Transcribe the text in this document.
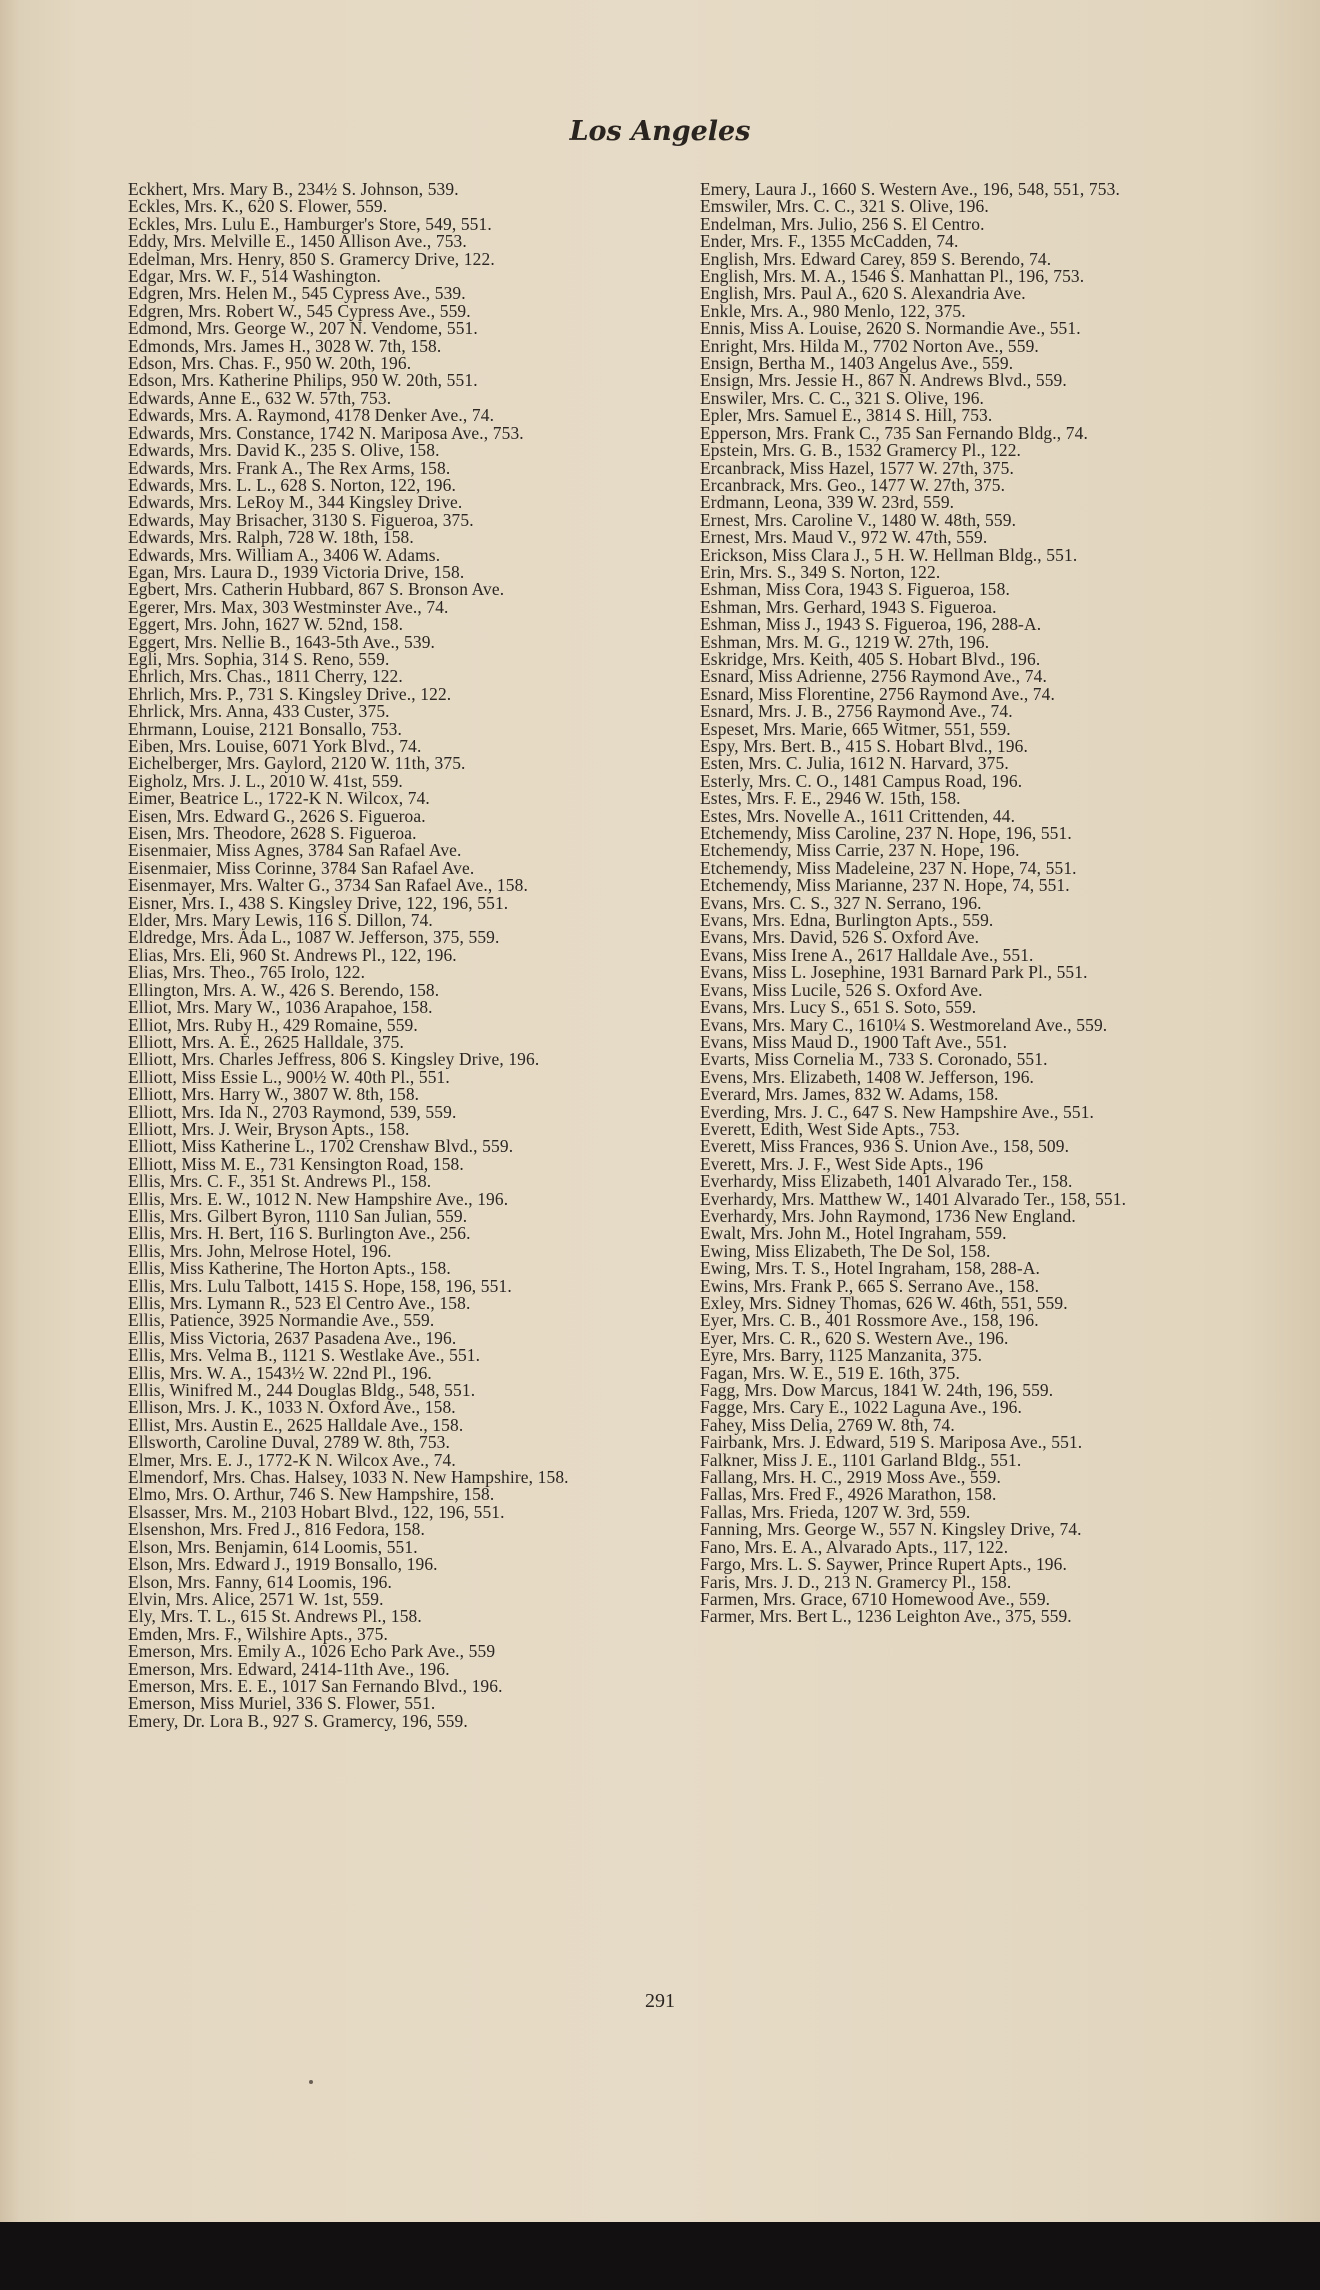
Los Angeles
Eckhert, Mrs. Mary B., 234½ S. Johnson, 539.
Eckles, Mrs. K., 620 S. Flower, 559.
Eckles, Mrs. Lulu E., Hamburger's Store, 549, 551.
Eddy, Mrs. Melville E., 1450 Allison Ave., 753.
Edelman, Mrs. Henry, 850 S. Gramercy Drive, 122.
Edgar, Mrs. W. F., 514 Washington.
Edgren, Mrs. Helen M., 545 Cypress Ave., 539.
Edgren, Mrs. Robert W., 545 Cypress Ave., 559.
Edmond, Mrs. George W., 207 N. Vendome, 551.
Edmonds, Mrs. James H., 3028 W. 7th, 158.
Edson, Mrs. Chas. F., 950 W. 20th, 196.
Edson, Mrs. Katherine Philips, 950 W. 20th, 551.
Edwards, Anne E., 632 W. 57th, 753.
Edwards, Mrs. A. Raymond, 4178 Denker Ave., 74.
Edwards, Mrs. Constance, 1742 N. Mariposa Ave., 753.
Edwards, Mrs. David K., 235 S. Olive, 158.
Edwards, Mrs. Frank A., The Rex Arms, 158.
Edwards, Mrs. L. L., 628 S. Norton, 122, 196.
Edwards, Mrs. LeRoy M., 344 Kingsley Drive.
Edwards, May Brisacher, 3130 S. Figueroa, 375.
Edwards, Mrs. Ralph, 728 W. 18th, 158.
Edwards, Mrs. William A., 3406 W. Adams.
Egan, Mrs. Laura D., 1939 Victoria Drive, 158.
Egbert, Mrs. Catherin Hubbard, 867 S. Bronson Ave.
Egerer, Mrs. Max, 303 Westminster Ave., 74.
Eggert, Mrs. John, 1627 W. 52nd, 158.
Eggert, Mrs. Nellie B., 1643-5th Ave., 539.
Egli, Mrs. Sophia, 314 S. Reno, 559.
Ehrlich, Mrs. Chas., 1811 Cherry, 122.
Ehrlich, Mrs. P., 731 S. Kingsley Drive., 122.
Ehrlick, Mrs. Anna, 433 Custer, 375.
Ehrmann, Louise, 2121 Bonsallo, 753.
Eiben, Mrs. Louise, 6071 York Blvd., 74.
Eichelberger, Mrs. Gaylord, 2120 W. 11th, 375.
Eigholz, Mrs. J. L., 2010 W. 41st, 559.
Eimer, Beatrice L., 1722-K N. Wilcox, 74.
Eisen, Mrs. Edward G., 2626 S. Figueroa.
Eisen, Mrs. Theodore, 2628 S. Figueroa.
Eisenmaier, Miss Agnes, 3784 San Rafael Ave.
Eisenmaier, Miss Corinne, 3784 San Rafael Ave.
Eisenmayer, Mrs. Walter G., 3734 San Rafael Ave., 158.
Eisner, Mrs. I., 438 S. Kingsley Drive, 122, 196, 551.
Elder, Mrs. Mary Lewis, 116 S. Dillon, 74.
Eldredge, Mrs. Ada L., 1087 W. Jefferson, 375, 559.
Elias, Mrs. Eli, 960 St. Andrews Pl., 122, 196.
Elias, Mrs. Theo., 765 Irolo, 122.
Ellington, Mrs. A. W., 426 S. Berendo, 158.
Elliot, Mrs. Mary W., 1036 Arapahoe, 158.
Elliot, Mrs. Ruby H., 429 Romaine, 559.
Elliott, Mrs. A. E., 2625 Halldale, 375.
Elliott, Mrs. Charles Jeffress, 806 S. Kingsley Drive, 196.
Elliott, Miss Essie L., 900½ W. 40th Pl., 551.
Elliott, Mrs. Harry W., 3807 W. 8th, 158.
Elliott, Mrs. Ida N., 2703 Raymond, 539, 559.
Elliott, Mrs. J. Weir, Bryson Apts., 158.
Elliott, Miss Katherine L., 1702 Crenshaw Blvd., 559.
Elliott, Miss M. E., 731 Kensington Road, 158.
Ellis, Mrs. C. F., 351 St. Andrews Pl., 158.
Ellis, Mrs. E. W., 1012 N. New Hampshire Ave., 196.
Ellis, Mrs. Gilbert Byron, 1110 San Julian, 559.
Ellis, Mrs. H. Bert, 116 S. Burlington Ave., 256.
Ellis, Mrs. John, Melrose Hotel, 196.
Ellis, Miss Katherine, The Horton Apts., 158.
Ellis, Mrs. Lulu Talbott, 1415 S. Hope, 158, 196, 551.
Ellis, Mrs. Lymann R., 523 El Centro Ave., 158.
Ellis, Patience, 3925 Normandie Ave., 559.
Ellis, Miss Victoria, 2637 Pasadena Ave., 196.
Ellis, Mrs. Velma B., 1121 S. Westlake Ave., 551.
Ellis, Mrs. W. A., 1543½ W. 22nd Pl., 196.
Ellis, Winifred M., 244 Douglas Bldg., 548, 551.
Ellison, Mrs. J. K., 1033 N. Oxford Ave., 158.
Ellist, Mrs. Austin E., 2625 Halldale Ave., 158.
Ellsworth, Caroline Duval, 2789 W. 8th, 753.
Elmer, Mrs. E. J., 1772-K N. Wilcox Ave., 74.
Elmendorf, Mrs. Chas. Halsey, 1033 N. New Hampshire, 158.
Elmo, Mrs. O. Arthur, 746 S. New Hampshire, 158.
Elsasser, Mrs. M., 2103 Hobart Blvd., 122, 196, 551.
Elsenshon, Mrs. Fred J., 816 Fedora, 158.
Elson, Mrs. Benjamin, 614 Loomis, 551.
Elson, Mrs. Edward J., 1919 Bonsallo, 196.
Elson, Mrs. Fanny, 614 Loomis, 196.
Elvin, Mrs. Alice, 2571 W. 1st, 559.
Ely, Mrs. T. L., 615 St. Andrews Pl., 158.
Emden, Mrs. F., Wilshire Apts., 375.
Emerson, Mrs. Emily A., 1026 Echo Park Ave., 559
Emerson, Mrs. Edward, 2414-11th Ave., 196.
Emerson, Mrs. E. E., 1017 San Fernando Blvd., 196.
Emerson, Miss Muriel, 336 S. Flower, 551.
Emery, Dr. Lora B., 927 S. Gramercy, 196, 559.
Emery, Laura J., 1660 S. Western Ave., 196, 548, 551, 753.
Emswiler, Mrs. C. C., 321 S. Olive, 196.
Endelman, Mrs. Julio, 256 S. El Centro.
Ender, Mrs. F., 1355 McCadden, 74.
English, Mrs. Edward Carey, 859 S. Berendo, 74.
English, Mrs. M. A., 1546 S. Manhattan Pl., 196, 753.
English, Mrs. Paul A., 620 S. Alexandria Ave.
Enkle, Mrs. A., 980 Menlo, 122, 375.
Ennis, Miss A. Louise, 2620 S. Normandie Ave., 551.
Enright, Mrs. Hilda M., 7702 Norton Ave., 559.
Ensign, Bertha M., 1403 Angelus Ave., 559.
Ensign, Mrs. Jessie H., 867 N. Andrews Blvd., 559.
Enswiler, Mrs. C. C., 321 S. Olive, 196.
Epler, Mrs. Samuel E., 3814 S. Hill, 753.
Epperson, Mrs. Frank C., 735 San Fernando Bldg., 74.
Epstein, Mrs. G. B., 1532 Gramercy Pl., 122.
Ercanbrack, Miss Hazel, 1577 W. 27th, 375.
Ercanbrack, Mrs. Geo., 1477 W. 27th, 375.
Erdmann, Leona, 339 W. 23rd, 559.
Ernest, Mrs. Caroline V., 1480 W. 48th, 559.
Ernest, Mrs. Maud V., 972 W. 47th, 559.
Erickson, Miss Clara J., 5 H. W. Hellman Bldg., 551.
Erin, Mrs. S., 349 S. Norton, 122.
Eshman, Miss Cora, 1943 S. Figueroa, 158.
Eshman, Mrs. Gerhard, 1943 S. Figueroa.
Eshman, Miss J., 1943 S. Figueroa, 196, 288-A.
Eshman, Mrs. M. G., 1219 W. 27th, 196.
Eskridge, Mrs. Keith, 405 S. Hobart Blvd., 196.
Esnard, Miss Adrienne, 2756 Raymond Ave., 74.
Esnard, Miss Florentine, 2756 Raymond Ave., 74.
Esnard, Mrs. J. B., 2756 Raymond Ave., 74.
Espeset, Mrs. Marie, 665 Witmer, 551, 559.
Espy, Mrs. Bert. B., 415 S. Hobart Blvd., 196.
Esten, Mrs. C. Julia, 1612 N. Harvard, 375.
Esterly, Mrs. C. O., 1481 Campus Road, 196.
Estes, Mrs. F. E., 2946 W. 15th, 158.
Estes, Mrs. Novelle A., 1611 Crittenden, 44.
Etchemendy, Miss Caroline, 237 N. Hope, 196, 551.
Etchemendy, Miss Carrie, 237 N. Hope, 196.
Etchemendy, Miss Madeleine, 237 N. Hope, 74, 551.
Etchemendy, Miss Marianne, 237 N. Hope, 74, 551.
Evans, Mrs. C. S., 327 N. Serrano, 196.
Evans, Mrs. Edna, Burlington Apts., 559.
Evans, Mrs. David, 526 S. Oxford Ave.
Evans, Miss Irene A., 2617 Halldale Ave., 551.
Evans, Miss L. Josephine, 1931 Barnard Park Pl., 551.
Evans, Miss Lucile, 526 S. Oxford Ave.
Evans, Mrs. Lucy S., 651 S. Soto, 559.
Evans, Mrs. Mary C., 1610¼ S. Westmoreland Ave., 559.
Evans, Miss Maud D., 1900 Taft Ave., 551.
Evarts, Miss Cornelia M., 733 S. Coronado, 551.
Evens, Mrs. Elizabeth, 1408 W. Jefferson, 196.
Everard, Mrs. James, 832 W. Adams, 158.
Everding, Mrs. J. C., 647 S. New Hampshire Ave., 551.
Everett, Edith, West Side Apts., 753.
Everett, Miss Frances, 936 S. Union Ave., 158, 509.
Everett, Mrs. J. F., West Side Apts., 196
Everhardy, Miss Elizabeth, 1401 Alvarado Ter., 158.
Everhardy, Mrs. Matthew W., 1401 Alvarado Ter., 158, 551.
Everhardy, Mrs. John Raymond, 1736 New England.
Ewalt, Mrs. John M., Hotel Ingraham, 559.
Ewing, Miss Elizabeth, The De Sol, 158.
Ewing, Mrs. T. S., Hotel Ingraham, 158, 288-A.
Ewins, Mrs. Frank P., 665 S. Serrano Ave., 158.
Exley, Mrs. Sidney Thomas, 626 W. 46th, 551, 559.
Eyer, Mrs. C. B., 401 Rossmore Ave., 158, 196.
Eyer, Mrs. C. R., 620 S. Western Ave., 196.
Eyre, Mrs. Barry, 1125 Manzanita, 375.
Fagan, Mrs. W. E., 519 E. 16th, 375.
Fagg, Mrs. Dow Marcus, 1841 W. 24th, 196, 559.
Fagge, Mrs. Cary E., 1022 Laguna Ave., 196.
Fahey, Miss Delia, 2769 W. 8th, 74.
Fairbank, Mrs. J. Edward, 519 S. Mariposa Ave., 551.
Falkner, Miss J. E., 1101 Garland Bldg., 551.
Fallang, Mrs. H. C., 2919 Moss Ave., 559.
Fallas, Mrs. Fred F., 4926 Marathon, 158.
Fallas, Mrs. Frieda, 1207 W. 3rd, 559.
Fanning, Mrs. George W., 557 N. Kingsley Drive, 74.
Fano, Mrs. E. A., Alvarado Apts., 117, 122.
Fargo, Mrs. L. S. Saywer, Prince Rupert Apts., 196.
Faris, Mrs. J. D., 213 N. Gramercy Pl., 158.
Farmen, Mrs. Grace, 6710 Homewood Ave., 559.
Farmer, Mrs. Bert L., 1236 Leighton Ave., 375, 559.
291
